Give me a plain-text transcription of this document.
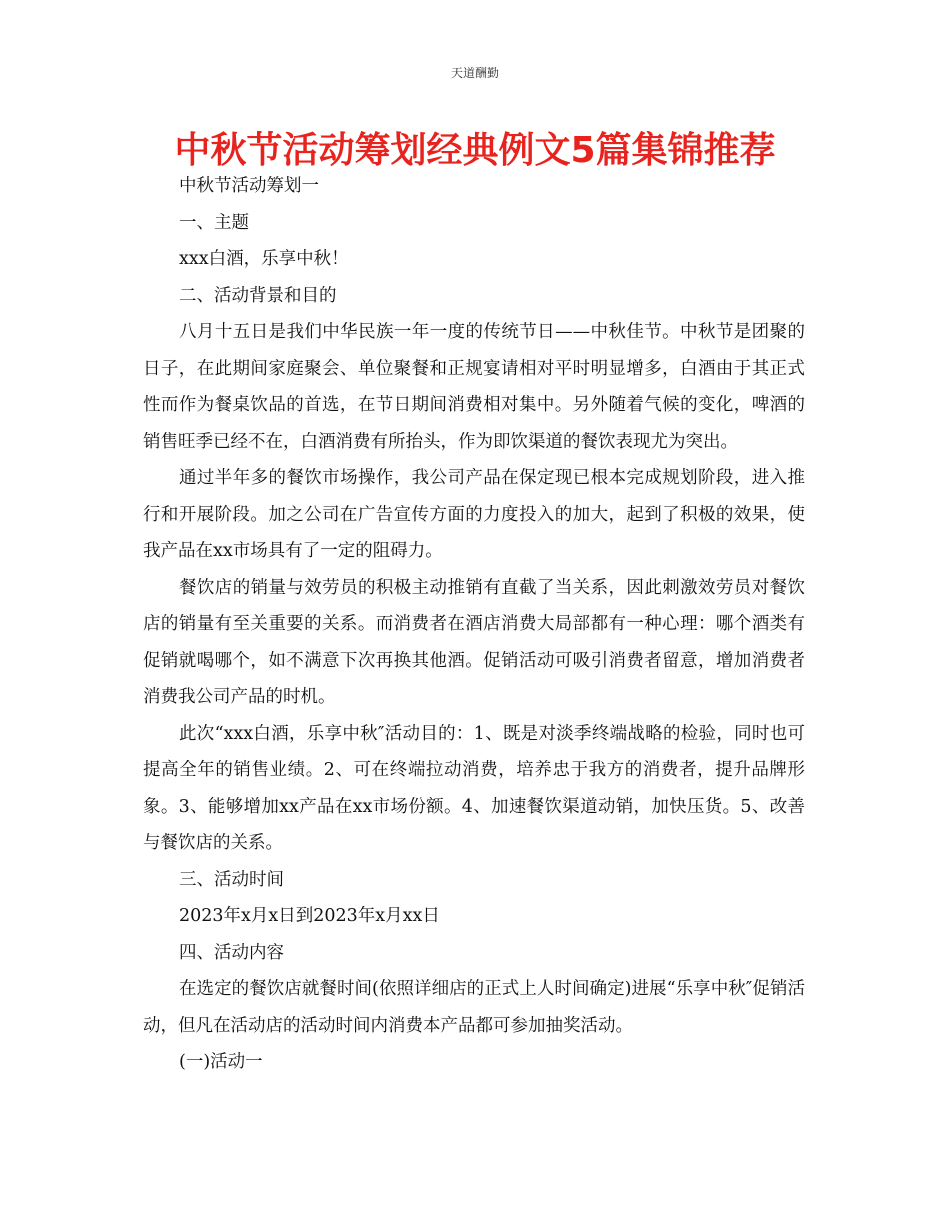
天道酬勤
中秋节活动筹划经典例文5篇集锦推荐

中秋节活动筹划一

一、主题

xxx白酒，乐享中秋！

二、活动背景和目的

八月十五日是我们中华民族一年一度的传统节日——中秋佳节。中秋节是团聚的日子，在此期间家庭聚会、单位聚餐和正规宴请相对平时明显增多，白酒由于其正式性而作为餐桌饮品的首选，在节日期间消费相对集中。另外随着气候的变化，啤酒的销售旺季已经不在，白酒消费有所抬头，作为即饮渠道的餐饮表现尤为突出。

通过半年多的餐饮市场操作，我公司产品在保定现已根本完成规划阶段，进入推行和开展阶段。加之公司在广告宣传方面的力度投入的加大，起到了积极的效果，使我产品在xx市场具有了一定的阻碍力。

餐饮店的销量与效劳员的积极主动推销有直截了当关系，因此刺激效劳员对餐饮店的销量有至关重要的关系。而消费者在酒店消费大局部都有一种心理：哪个酒类有促销就喝哪个，如不满意下次再换其他酒。促销活动可吸引消费者留意，增加消费者消费我公司产品的时机。

此次“xxx白酒，乐享中秋″活动目的：1、既是对淡季终端战略的检验，同时也可提高全年的销售业绩。2、可在终端拉动消费，培养忠于我方的消费者，提升品牌形象。3、能够增加xx产品在xx市场份额。4、加速餐饮渠道动销，加快压货。5、改善与餐饮店的关系。

三、活动时间

2023年x月x日到2023年x月xx日

四、活动内容

在选定的餐饮店就餐时间(依照详细店的正式上人时间确定)进展“乐享中秋″促销活动，但凡在活动店的活动时间内消费本产品都可参加抽奖活动。

(一)活动一
